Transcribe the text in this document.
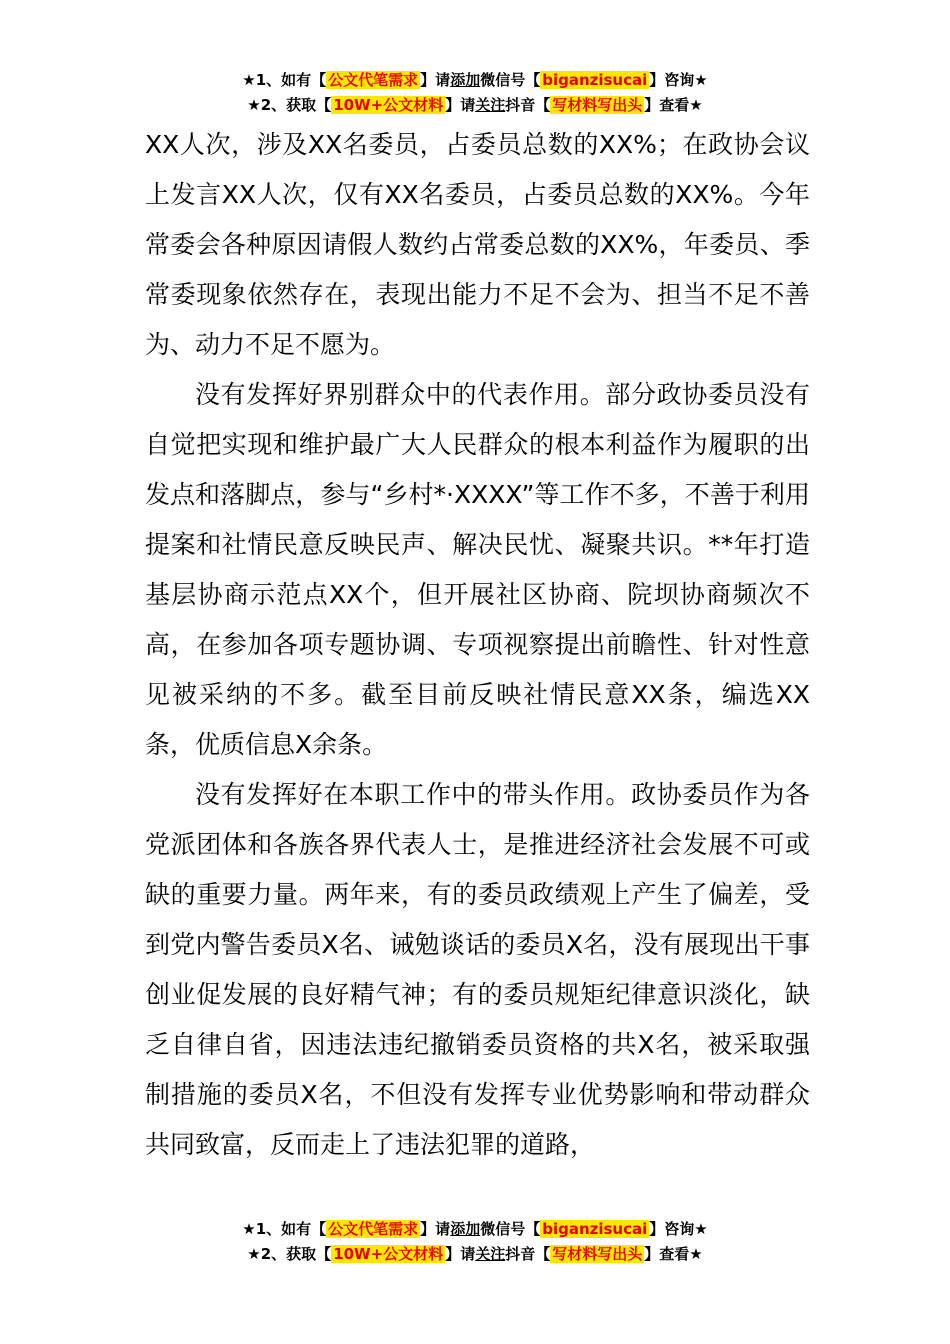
★1、如有【 公文代笔需求 】请添加微信号【 biganzisucai 】咨询★
★2、获取【 10W+公文材料 】请关注抖音【 写材料写出头 】查看★

XX人次，涉及XX名委员，占委员总数的XX%；在政协会议上发言XX人次，仅有XX名委员，占委员总数的XX%。今年常委会各种原因请假人数约占常委总数的XX%，年委员、季常委现象依然存在，表现出能力不足不会为、担当不足不善为、动力不足不愿为。

没有发挥好界别群众中的代表作用。部分政协委员没有自觉把实现和维护最广大人民群众的根本利益作为履职的出发点和落脚点，参与“乡村*·XXXX”等工作不多，不善于利用提案和社情民意反映民声、解决民忧、凝聚共识。**年打造基层协商示范点XX个，但开展社区协商、院坝协商频次不高，在参加各项专题协调、专项视察提出前瞻性、针对性意见被采纳的不多。截至目前反映社情民意XX条，编选XX条，优质信息X余条。

没有发挥好在本职工作中的带头作用。政协委员作为各党派团体和各族各界代表人士，是推进经济社会发展不可或缺的重要力量。两年来，有的委员政绩观上产生了偏差，受到党内警告委员X名、诫勉谈话的委员X名，没有展现出干事创业促发展的良好精气神；有的委员规矩纪律意识淡化，缺乏自律自省，因违法违纪撤销委员资格的共X名，被采取强制措施的委员X名，不但没有发挥专业优势影响和带动群众共同致富，反而走上了违法犯罪的道路，

★1、如有【 公文代笔需求 】请添加微信号【 biganzisucai 】咨询★
★2、获取【 10W+公文材料 】请关注抖音【 写材料写出头 】查看★
